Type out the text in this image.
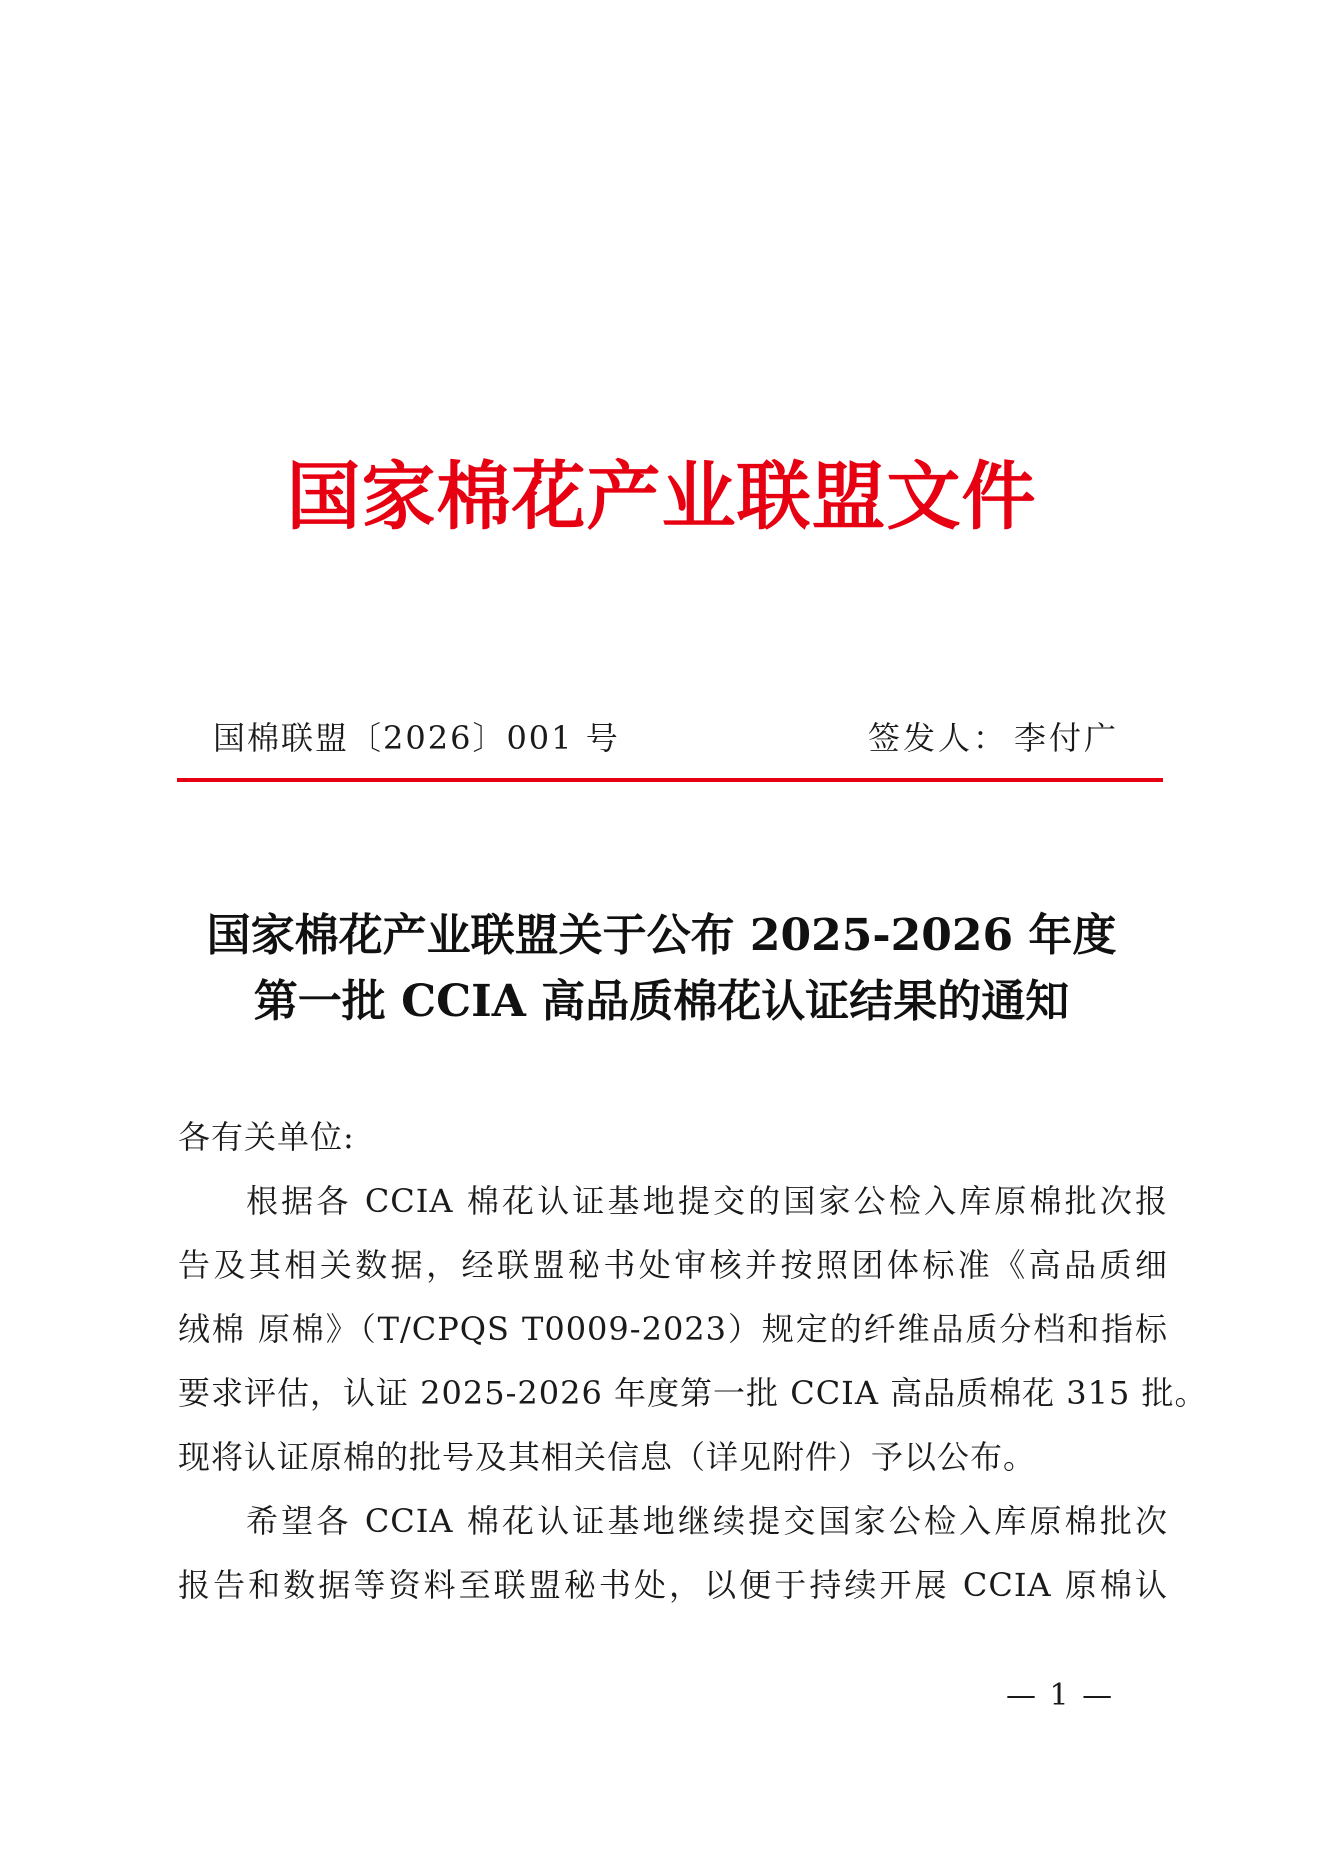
国家棉花产业联盟文件
国棉联盟〔2026〕001 号	签发人： 李付广
国家棉花产业联盟关于公布 2025-2026 年度
第一批 CCIA 高品质棉花认证结果的通知
各有关单位:
根据各 CCIA 棉花认证基地提交的国家公检入库原棉批次报
告及其相关数据，经联盟秘书处审核并按照团体标准《高品质细
绒棉 原棉》（T/CPQS T0009-2023）规定的纤维品质分档和指标
要求评估，认证 2025-2026 年度第一批 CCIA 高品质棉花 315 批。
现将认证原棉的批号及其相关信息（详见附件）予以公布。
希望各 CCIA 棉花认证基地继续提交国家公检入库原棉批次
报告和数据等资料至联盟秘书处，以便于持续开展 CCIA 原棉认
— 1 —
